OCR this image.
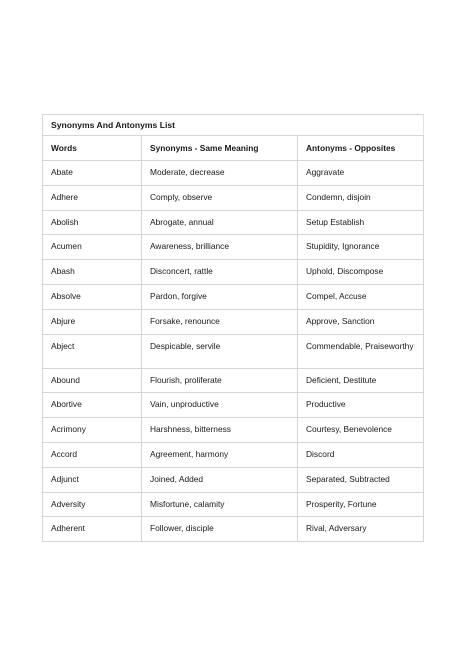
Synonyms And Antonyms List		
Words	Synonyms - Same Meaning	Antonyms - Opposites
Abate	Moderate, decrease	Aggravate
Adhere	Comply, observe	Condemn, disjoin
Abolish	Abrogate, annual	Setup Establish
Acumen	Awareness, brilliance	Stupidity, Ignorance
Abash	Disconcert, rattle	Uphold, Discompose
Absolve	Pardon, forgive	Compel, Accuse
Abjure	Forsake, renounce	Approve, Sanction
Abject	Despicable, servile	Commendable, Praiseworthy
Abound	Flourish, proliferate	Deficient, Destitute
Abortive	Vain, unproductive	Productive
Acrimony	Harshness, bitterness	Courtesy, Benevolence
Accord	Agreement, harmony	Discord
Adjunct	Joined, Added	Separated, Subtracted
Adversity	Misfortune, calamity	Prosperity, Fortune
Adherent	Follower, disciple	Rival, Adversary
